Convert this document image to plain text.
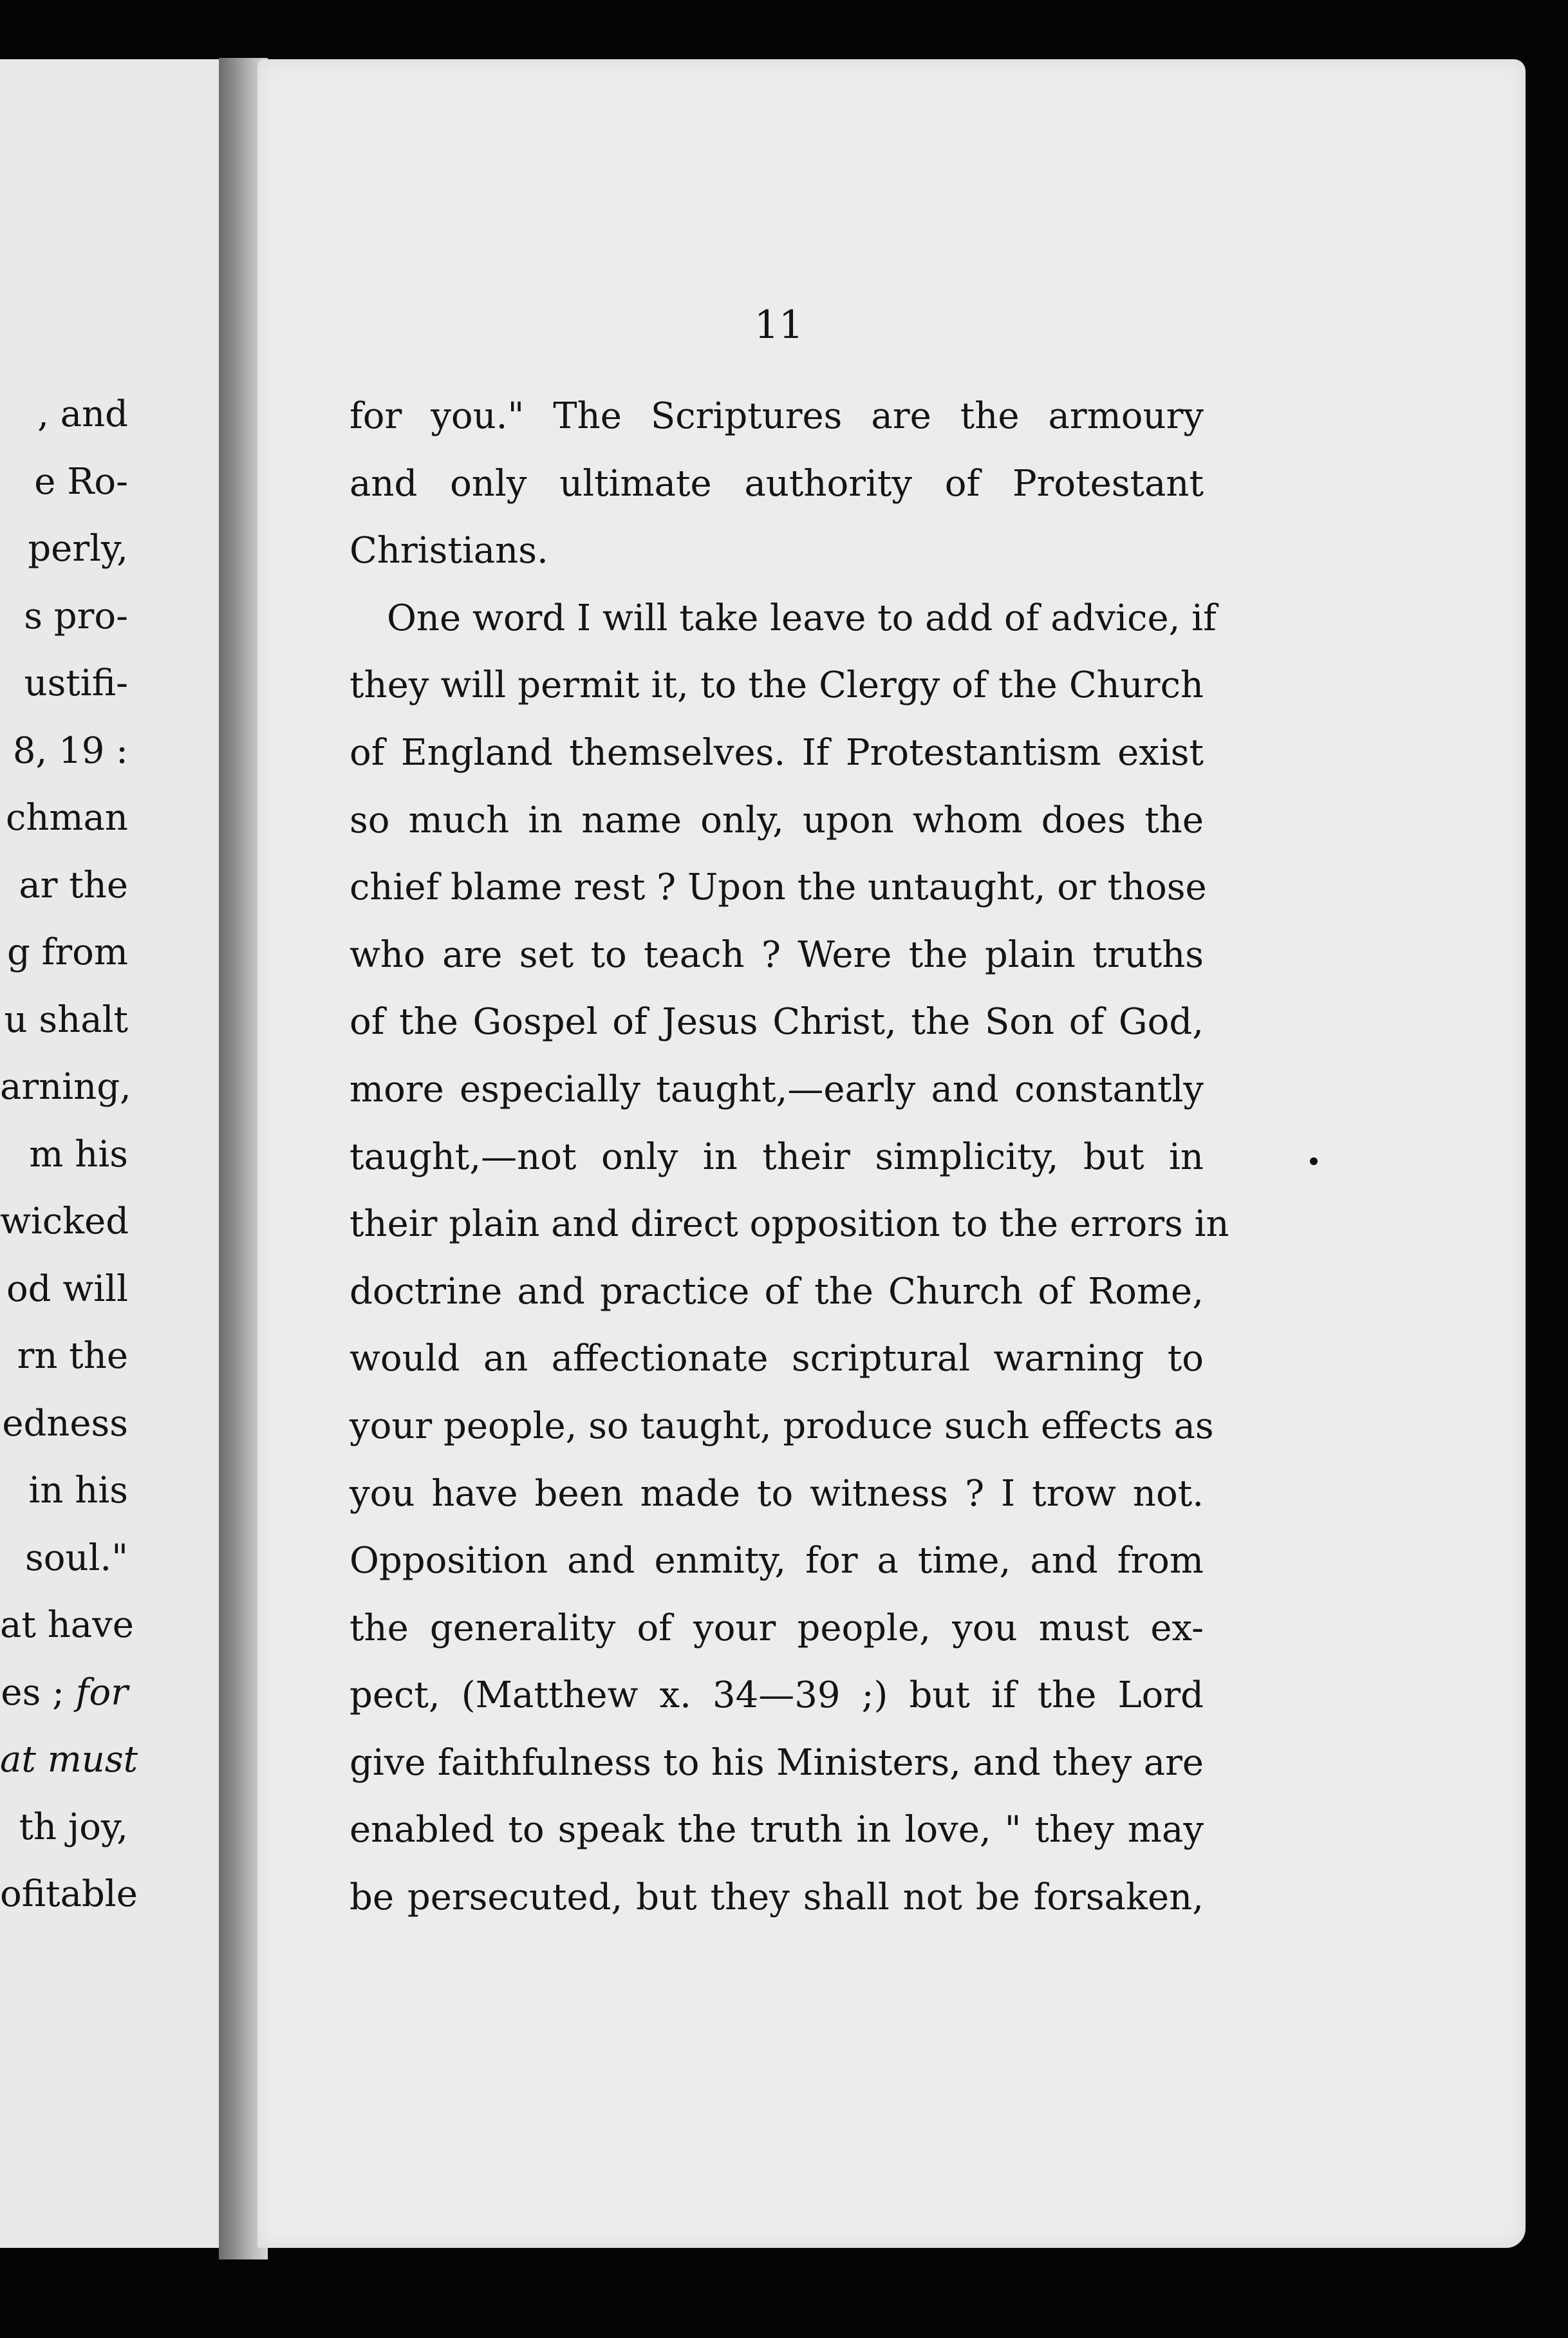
, and
e Ro-
perly,
s pro-
ustifi-
8, 19 :
chman
ar the
g from
u shalt
arning,
m his
wicked
od will
rn the
edness
in his
soul."
at have
es ; for
at must
th joy,
ofitable
11
for you." The Scriptures are the armoury
and only ultimate authority of Protestant
Christians.
One word I will take leave to add of advice, if
they will permit it, to the Clergy of the Church
of England themselves. If Protestantism exist
so much in name only, upon whom does the
chief blame rest ? Upon the untaught, or those
who are set to teach ? Were the plain truths
of the Gospel of Jesus Christ, the Son of God,
more especially taught,—early and constantly
taught,—not only in their simplicity, but in
their plain and direct opposition to the errors in
doctrine and practice of the Church of Rome,
would an affectionate scriptural warning to
your people, so taught, produce such effects as
you have been made to witness ? I trow not.
Opposition and enmity, for a time, and from
the generality of your people, you must ex-
pect, (Matthew x. 34—39 ;) but if the Lord
give faithfulness to his Ministers, and they are
enabled to speak the truth in love, " they may
be persecuted, but they shall not be forsaken,
